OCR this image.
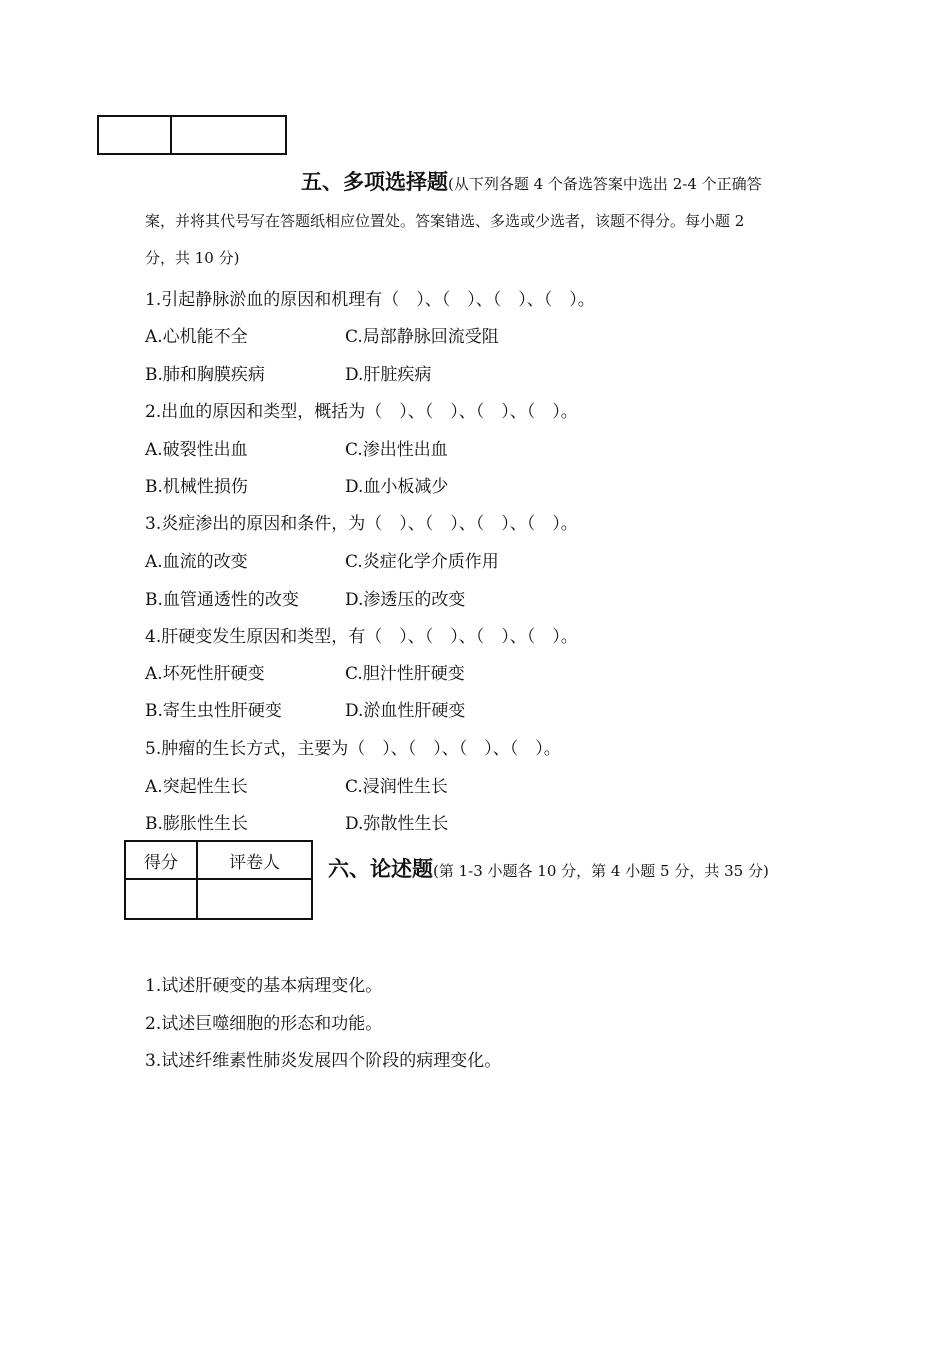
五、多项选择题(从下列各题 4 个备选答案中选出 2-4 个正确答
案，并将其代号写在答题纸相应位置处。答案错选、多选或少选者，该题不得分。每小题 2
分，共 10 分)
1.引起静脉淤血的原因和机理有（　）、（　）、（　）、（　）。
A.心机能不全	C.局部静脉回流受阻
B.肺和胸膜疾病	D.肝脏疾病
2.出血的原因和类型，概括为（　）、（　）、（　）、（　）。
A.破裂性出血	C.渗出性出血
B.机械性损伤	D.血小板减少
3.炎症渗出的原因和条件，为（　）、（　）、（　）、（　）。
A.血流的改变	C.炎症化学介质作用
B.血管通透性的改变	D.渗透压的改变
4.肝硬变发生原因和类型，有（　）、（　）、（　）、（　）。
A.坏死性肝硬变	C.胆汁性肝硬变
B.寄生虫性肝硬变	D.淤血性肝硬变
5.肿瘤的生长方式，主要为（　）、（　）、（　）、（　）。
A.突起性生长	C.浸润性生长
B.膨胀性生长	D.弥散性生长
得分	评卷人
	六、论述题(第 1-3 小题各 10 分，第 4 小题 5 分，共 35 分)
1.试述肝硬变的基本病理变化。
2.试述巨噬细胞的形态和功能。
3.试述纤维素性肺炎发展四个阶段的病理变化。
